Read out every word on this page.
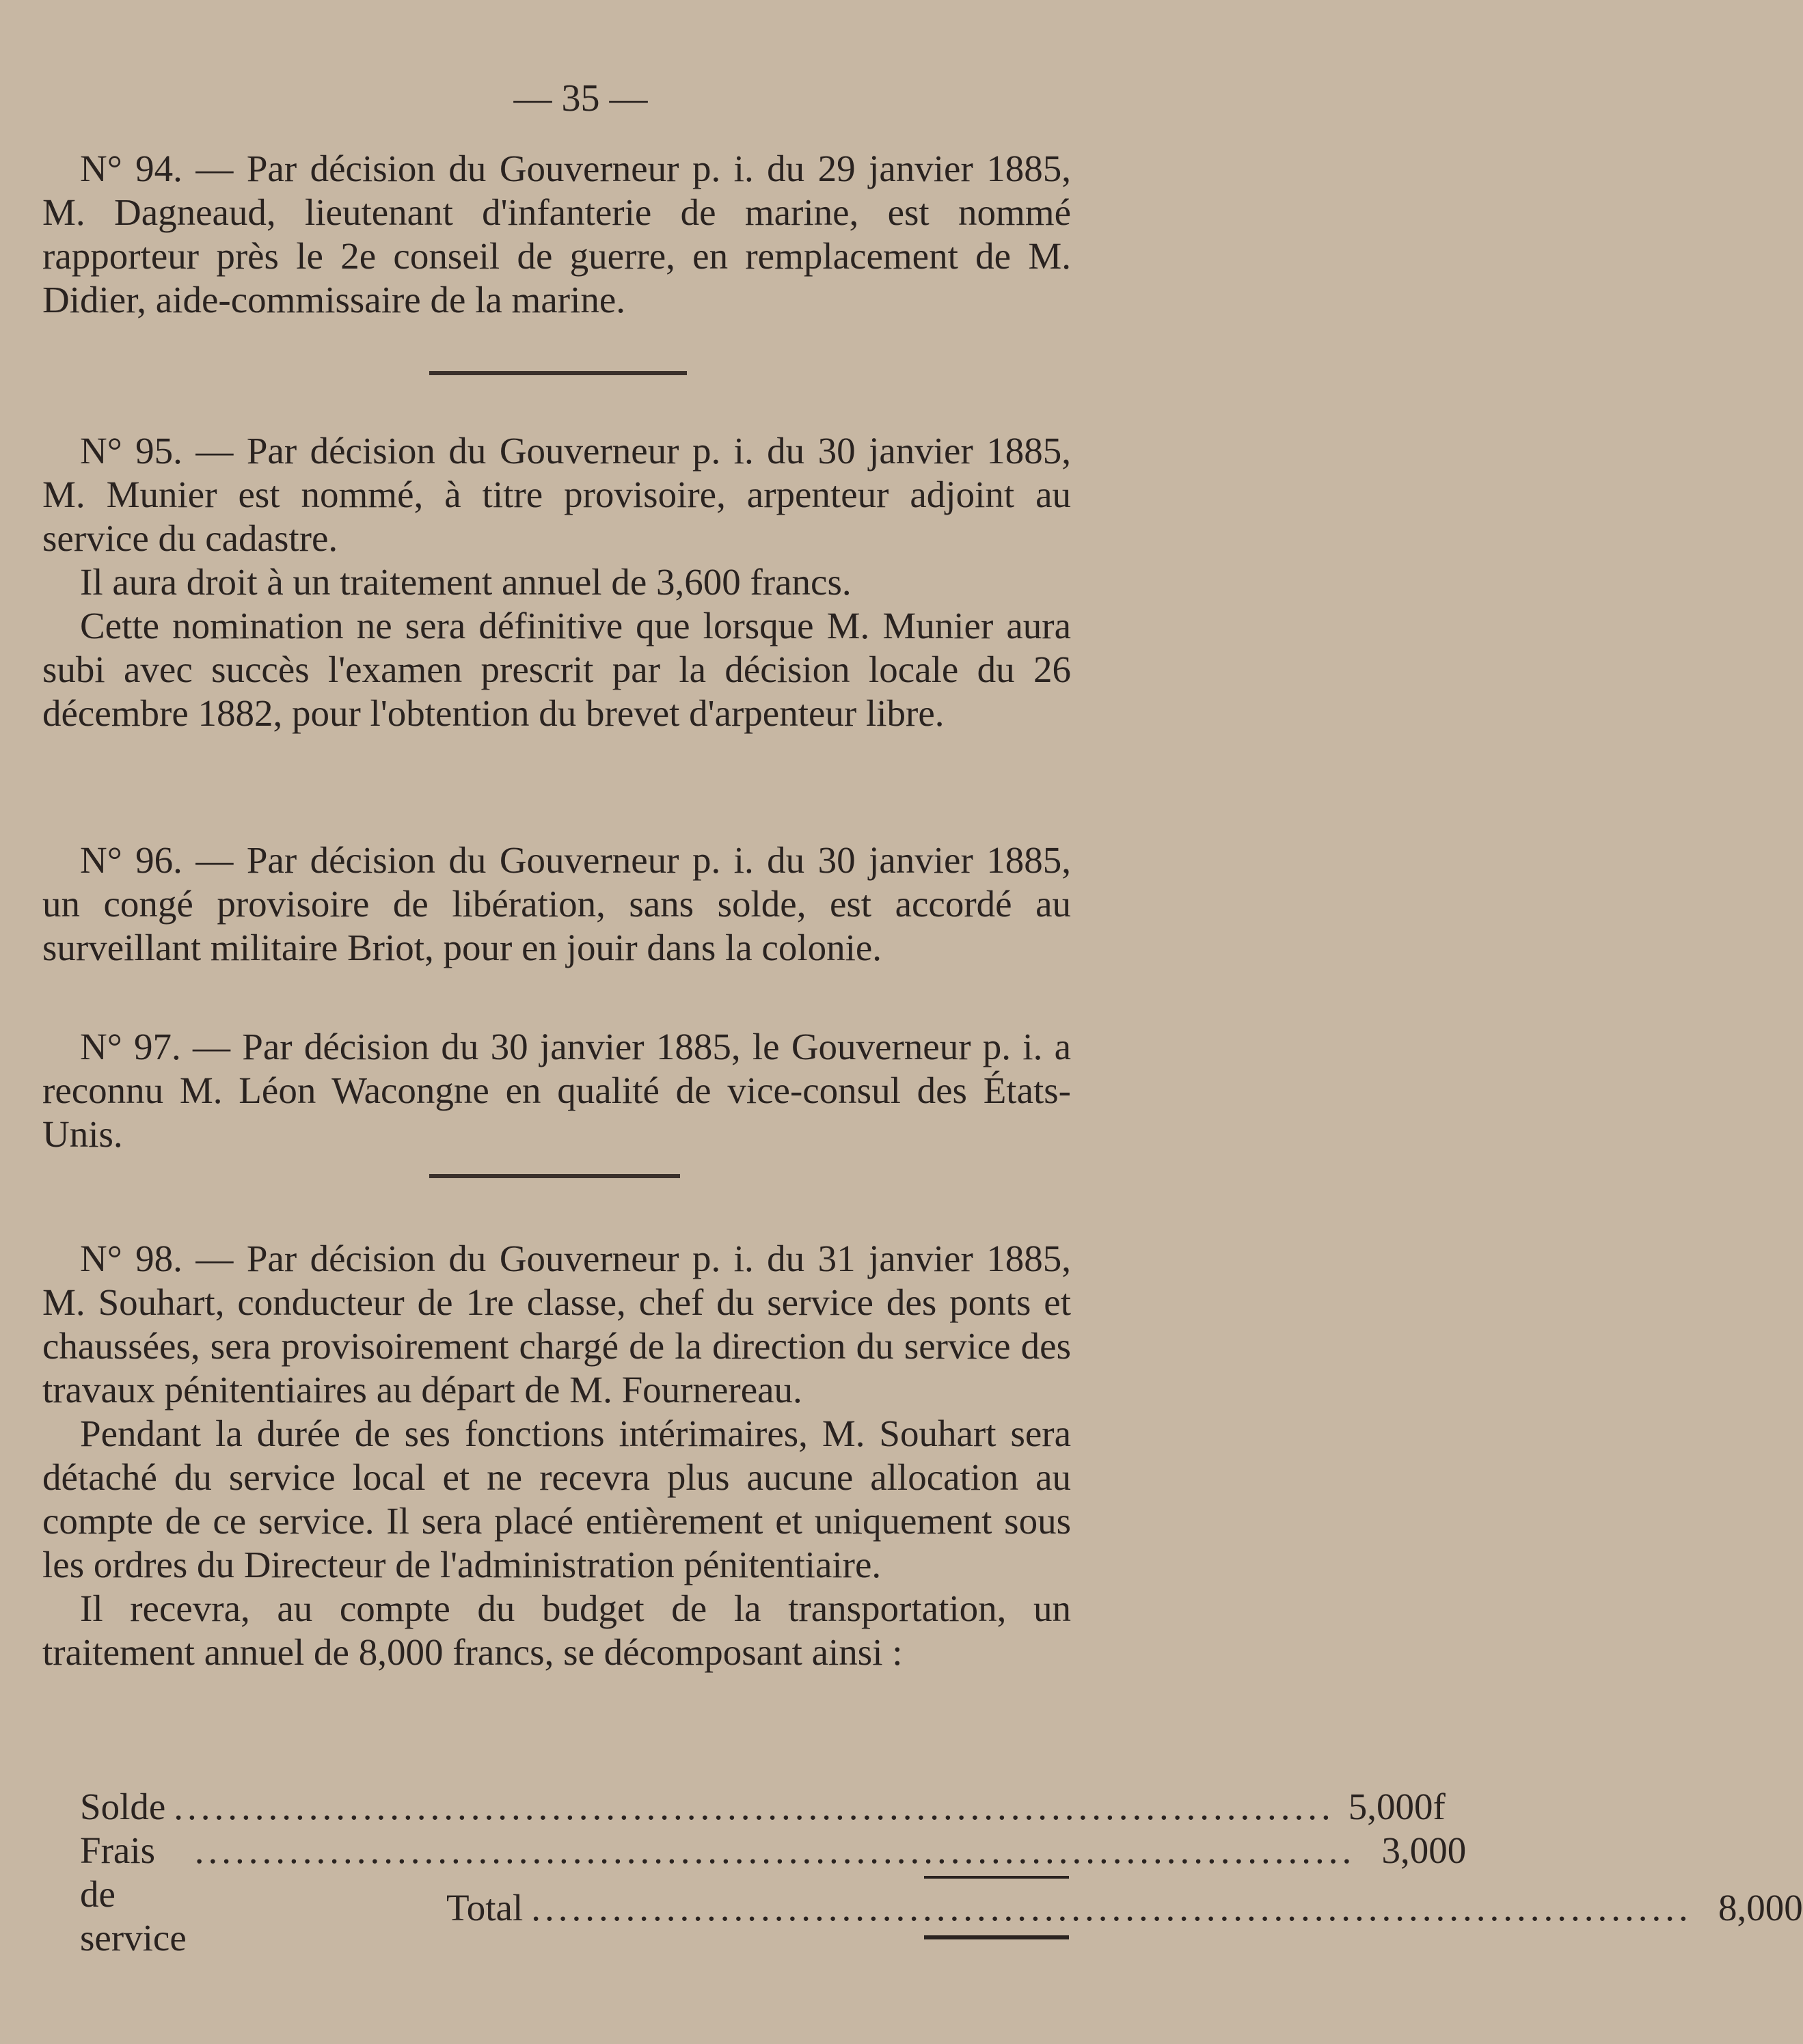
— 35 —

N° 94. — Par décision du Gouverneur p. i. du 29 janvier 1885, M. Dagneaud, lieutenant d'infanterie de marine, est nommé rapporteur près le 2e conseil de guerre, en remplacement de M. Didier, aide-commissaire de la marine.

N° 95. — Par décision du Gouverneur p. i. du 30 janvier 1885, M. Munier est nommé, à titre provisoire, arpenteur adjoint au service du cadastre.

Il aura droit à un traitement annuel de 3,600 francs.

Cette nomination ne sera définitive que lorsque M. Munier aura subi avec succès l'examen prescrit par la décision locale du 26 décembre 1882, pour l'obtention du brevet d'arpenteur libre.

N° 96. — Par décision du Gouverneur p. i. du 30 janvier 1885, un congé provisoire de libération, sans solde, est accordé au surveillant militaire Briot, pour en jouir dans la colonie.

N° 97. — Par décision du 30 janvier 1885, le Gouverneur p. i. a reconnu M. Léon Wacongne en qualité de vice-consul des États-Unis.

N° 98. — Par décision du Gouverneur p. i. du 31 janvier 1885, M. Souhart, conducteur de 1re classe, chef du service des ponts et chaussées, sera provisoirement chargé de la direction du service des travaux pénitentiaires au départ de M. Fournereau.

Pendant la durée de ses fonctions intérimaires, M. Souhart sera détaché du service local et ne recevra plus aucune allocation au compte de ce service. Il sera placé entièrement et uniquement sous les ordres du Directeur de l'administration pénitentiaire.

Il recevra, au compte du budget de la transportation, un traitement annuel de 8,000 francs, se décomposant ainsi :

Solde ...................................................................................... 5,000f
Frais de service
...................................................................................... 3,000
Total ...................................................................................... 8,000
